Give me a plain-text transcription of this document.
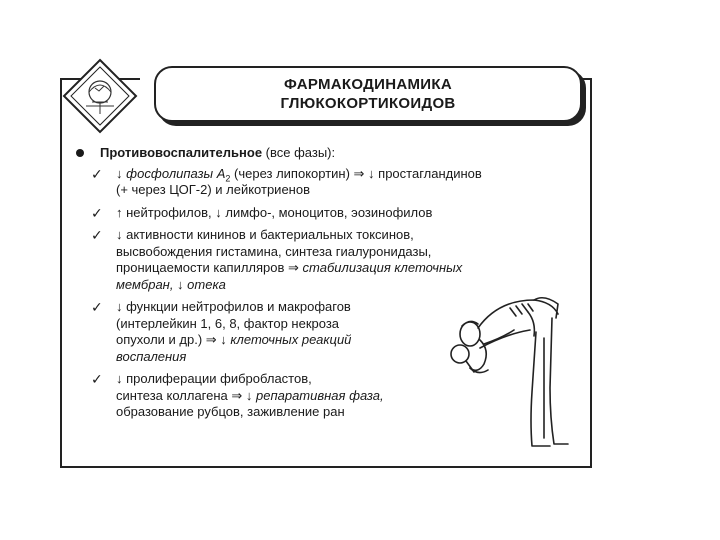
ФАРМАКОДИНАМИКА
ГЛЮКОКОРТИКОИДОВ
Противовоспалительное (все фазы):
✓ ↓ фосфолипазы $А_2$ (через липокортин) ⇒ ↓ простагландинов
(+ через ЦОГ-2) и лейкотриенов
✓ ↑ нейтрофилов, ↓ лимфо-, моноцитов, эозинофилов
✓ ↓ активности кининов и бактериальных токсинов,
высвобождения гистамина, синтеза гиалуронидазы,
проницаемости капилляров ⇒ стабилизация клеточных
мембран, ↓ отека
✓ ↓ функции нейтрофилов и макрофагов
(интерлейкин 1, 6, 8, фактор некроза
опухоли и др.) ⇒ ↓ клеточных реакций
воспаления
✓ ↓ пролиферации фибробластов,
синтеза коллагена ⇒ ↓ репаративная фаза,
образование рубцов, заживление ран
